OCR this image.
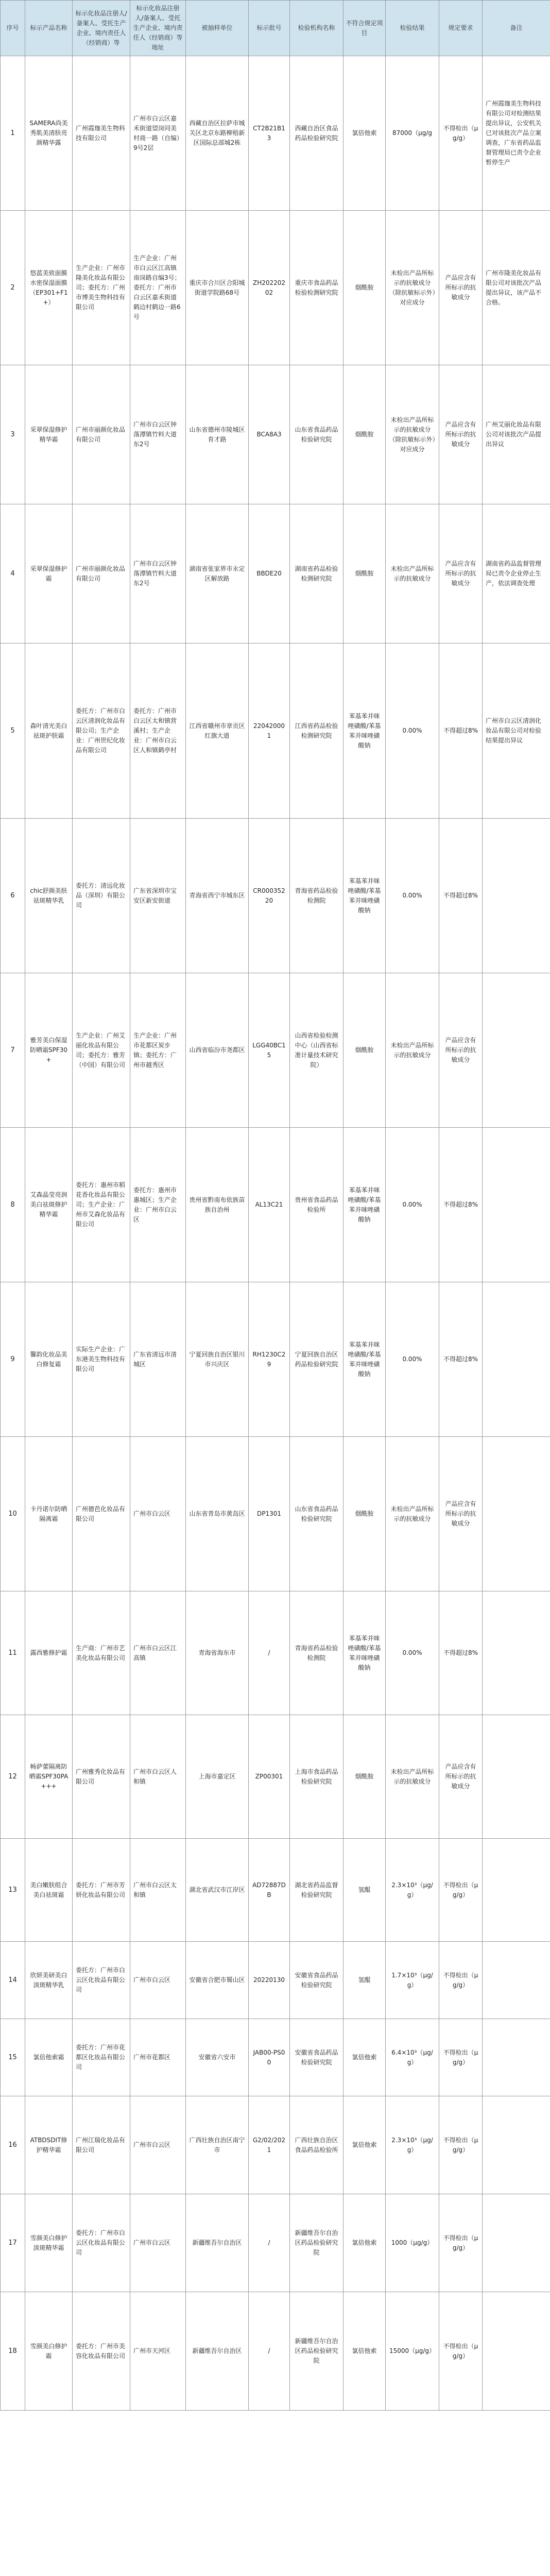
序号	标示产品名称	标示化妆品注册人/备案人、受托生产企业、境内责任人（经销商）等	标示化妆品注册人/备案人、受托生产企业、境内责任人（经销商）等地址	被抽样单位	标示批号	检验机构名称	不符合规定项目	检验结果	规定要求	备注
1	SAMERA尚美秀肌美清肤亮颜精华露	广州霞珈美生物科技有限公司	广州市白云区嘉禾街道望岗同美村商一路（自编）9号2层	西藏自治区拉萨市城关区北京东路柳梧新区国际总部城2栋	CT2B21B13	西藏自治区食品药品检验研究院	氯倍他索	87000（μg/g	不得检出（μg/g）	广州霞珈美生物科技有限公司对检测结果提出异议，公安机关已对该批次产品立案调查，广东省药品监督管理局已责令企业暂停生产
2	悠蓝美致面膜水密保湿面膜（EP301+F1+）	生产企业：广州市隆美化妆品有限公司；委托方：广州市博美生物科技有限公司	生产企业：广州市白云区江高镇南岗路自编3号；委托方：广州市白云区嘉禾街道鹤边村鹤边一路6号	重庆市合川区合阳城街道学院路68号	ZH20220202	重庆市食品药品检验检测研究院	烟酰胺	未检出产品所标示的抗敏成分（除抗敏标示外）对应成分	产品应含有所标示的抗敏成分	广州市隆美化妆品有限公司对该批次产品提出异议，该产品不合格。
3	采翠保湿修护精华霜	广州市丽颜化妆品有限公司	广州市白云区钟落潭镇竹料大道东2号	山东省德州市陵城区育才路	BCA8A3	山东省食品药品检验研究院	烟酰胺	未检出产品所标示的抗敏成分（除抗敏标示外）对应成分	产品应含有所标示的抗敏成分	广州艾丽化妆品有限公司对该批次产品提出异议
4	采翠保湿修护霜	广州市丽颜化妆品有限公司	广州市白云区钟落潭镇竹料大道东2号	湖南省张家界市永定区解放路	BBDE20	湖南省药品检验检测研究院	烟酰胺	未检出产品所标示的抗敏成分	产品应含有所标示的抗敏成分	湖南省药品监督管理局已责令企业停止生产，依法调查处理
5	森叶清光美白祛斑护肤霜	委托方：广州市白云区清润化妆品有限公司；生产企业：广州世纪化妆品有限公司	委托方：广州市白云区太和镇营溪村；生产企业：广州市白云区人和镇鹤亭村	江西省赣州市章贡区红旗大道	220420001	江西省药品检验检测研究院	苯基苯并咪唑磺酸/苯基苯并咪唑磺酸钠	0.00%	不得超过8%	广州市白云区清润化妆品有限公司对检验结果提出异议
6	chic舒颜美肤祛斑精华乳	委托方：清远化妆品（深圳）有限公司	广东省深圳市宝安区新安街道	青海省西宁市城东区	CR00035220	青海省药品检验检测院	苯基苯并咪唑磺酸/苯基苯并咪唑磺酸钠	0.00%	不得超过8%	
7	雅芳美白保湿防晒霜SPF30+	生产企业：广州艾丽化妆品有限公司；委托方：雅芳（中国）有限公司	生产企业：广州市花都区炭步镇；委托方：广州市越秀区	山西省临汾市尧都区	LGG40BC15	山西省检验检测中心（山西省标准计量技术研究院）	烟酰胺	未检出产品所标示的抗敏成分	产品应含有所标示的抗敏成分	
8	艾森晶莹亮润美白祛斑修护精华霜	委托方：惠州市稻花香化妆品有限公司；生产企业：广州市艾森化妆品有限公司	委托方：惠州市惠城区；生产企业：广州市白云区	贵州省黔南布依族苗族自治州	AL13C21	贵州省食品药品检验所	苯基苯并咪唑磺酸/苯基苯并咪唑磺酸钠	0.00%	不得超过8%	
9	馨韵化妆品美白修复霜	实际生产企业：广东港美生物科技有限公司	广东省清远市清城区	宁夏回族自治区银川市兴庆区	RH1230C29	宁夏回族自治区药品检验研究院	苯基苯并咪唑磺酸/苯基苯并咪唑磺酸钠	0.00%	不得超过8%	
10	卡丹诺尔防晒隔离霜	广州德芭化妆品有限公司	广州市白云区	山东省青岛市黄岛区	DP1301	山东省食品药品检验研究院	烟酰胺	未检出产品所标示的抗敏成分	产品应含有所标示的抗敏成分	
11	露西雅修护霜	生产商：广州市艺美化妆品有限公司	广州市白云区江高镇	青海省海东市	/	青海省药品检验检测院	苯基苯并咪唑磺酸/苯基苯并咪唑磺酸钠	0.00%	不得超过8%	
12	畅萨蕾隔离防晒霜SPF30PA+++	广州雅秀化妆品有限公司	广州市白云区人和镇	上海市嘉定区	ZP00301	上海市食品药品检验研究院	烟酰胺	未检出产品所标示的抗敏成分	产品应含有所标示的抗敏成分	
13	美白嫩肤组合美白祛斑霜	委托方：广州市芳妍化妆品有限公司	广州市白云区太和镇	湖北省武汉市江岸区	AD72887DB	湖北省药品监督检验研究院	氢醌	2.3×10³（μg/g）	不得检出（μg/g）	
14	欣妍美研美白淡斑精华乳	委托方：广州市白云区化妆品有限公司	广州市白云区	安徽省合肥市蜀山区	20220130	安徽省食品药品检验研究院	氢醌	1.7×10³（μg/g）	不得检出（μg/g）	
15	氯倍他索霜	委托方：广州市花都区化妆品有限公司	广州市花都区	安徽省六安市	JAB00-PS00	安徽省食品药品检验研究院	氯倍他索	6.4×10³（μg/g）	不得检出（μg/g）	
16	ATBDSDIT修护精华霜	广州江瑞化妆品有限公司	广州市白云区	广西壮族自治区南宁市	G2/02/2021	广西壮族自治区食品药品检验所	氯倍他索	2.3×10³（μg/g）	不得检出（μg/g）	
17	雪颜美白修护淡斑精华霜	委托方：广州市白云区化妆品有限公司	广州市白云区	新疆维吾尔自治区	/	新疆维吾尔自治区药品检验研究院	氯倍他索	1000（μg/g）	不得检出（μg/g）	
18	雪颜美白修护霜	委托方：广州市美容化妆品有限公司	广州市天河区	新疆维吾尔自治区	/	新疆维吾尔自治区药品检验研究院	氯倍他索	15000（μg/g）	不得检出（μg/g）	
